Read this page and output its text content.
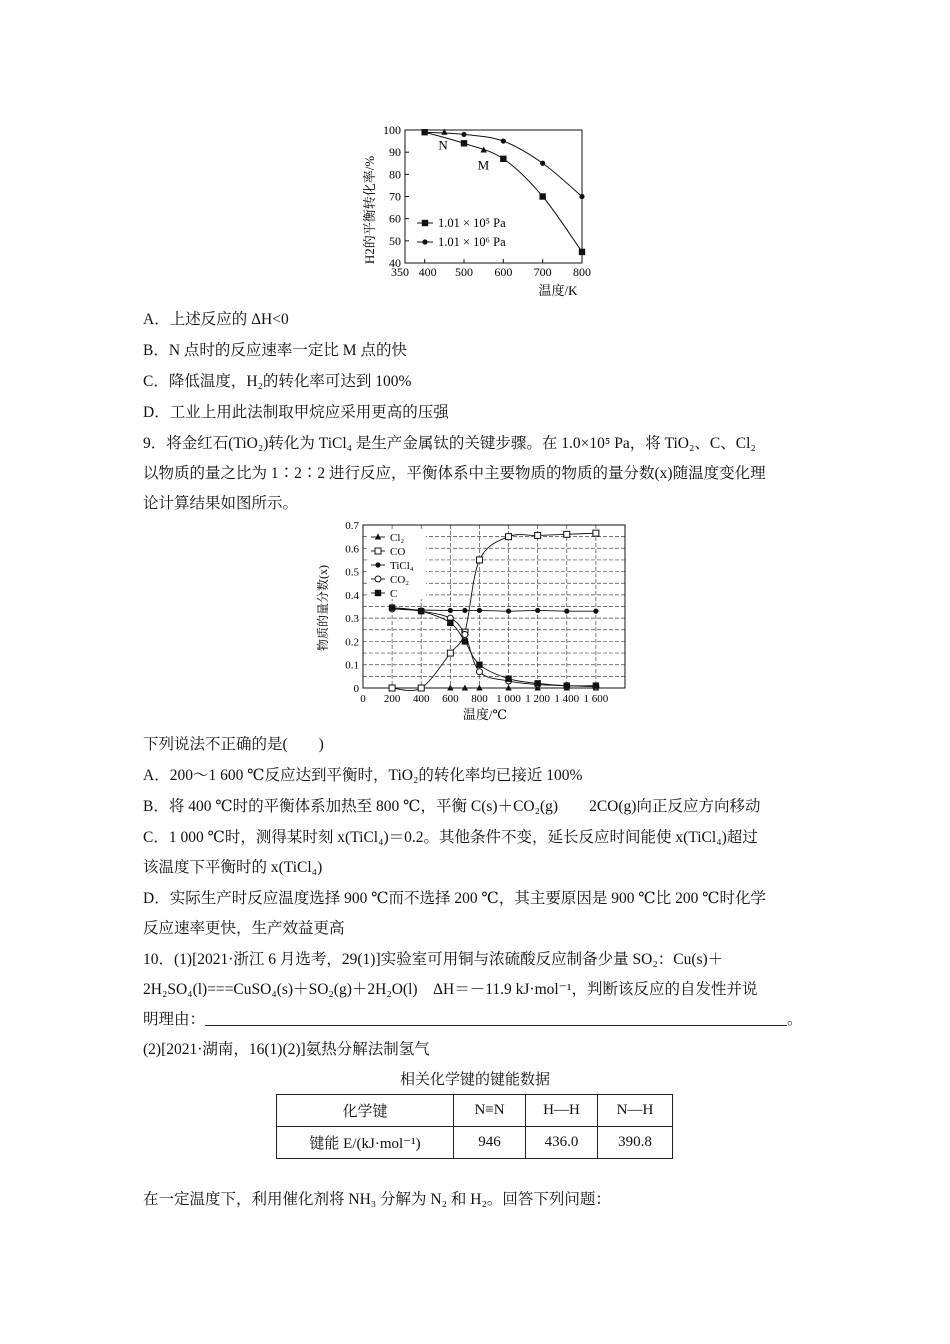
100
90
80
70
60
50
40
350 400 500 600 700 800
1.01 × 10⁵ Pa
1.01 × 10⁶ Pa
N
M
H2的平衡转化率/%
温度/K
A．上述反应的 ΔH<0
B．N 点时的反应速率一定比 M 点的快
C．降低温度，H₂的转化率可达到 100%
D．工业上用此法制取甲烷应采用更高的压强
9．将金红石(TiO₂)转化为 TiCl₄ 是生产金属钛的关键步骤。在 1.0×10⁵ Pa，将 TiO₂、C、Cl₂
以物质的量之比为 1∶2∶2 进行反应，平衡体系中主要物质的物质的量分数(x)随温度变化理
论计算结果如图所示。
0.7
0.6
0.5
0.4
0.3
0.2
0.1
0
0 200 400 600 800 1 000 1 200 1 400 1 600
Cl₂
CO
TiCl₄
CO₂
C
物质的量分数(x)
温度/℃
下列说法不正确的是(　　)
A．200～1 600 ℃反应达到平衡时，TiO₂的转化率均已接近 100%
B．将 400 ℃时的平衡体系加热至 800 ℃，平衡 C(s)＋CO₂(g)　　2CO(g)向正反应方向移动
C．1 000 ℃时，测得某时刻 x(TiCl₄)＝0.2。其他条件不变，延长反应时间能使 x(TiCl₄)超过
该温度下平衡时的 x(TiCl₄)
D．实际生产时反应温度选择 900 ℃而不选择 200 ℃，其主要原因是 900 ℃比 200 ℃时化学
反应速率更快，生产效益更高
10．(1)[2021·浙江 6 月选考，29(1)]实验室可用铜与浓硫酸反应制备少量 SO₂：Cu(s)＋
2H₂SO₄(l)===CuSO₄(s)＋SO₂(g)＋2H₂O(l)　ΔH＝－11.9 kJ·mol⁻¹，判断该反应的自发性并说
明理由：	。
(2)[2021·湖南，16(1)(2)]氨热分解法制氢气
相关化学键的键能数据
化学键	N≡N	H—H	N—H
键能 E/(kJ·mol⁻¹)	946	436.0	390.8
在一定温度下，利用催化剂将 NH₃ 分解为 N₂ 和 H₂。回答下列问题：
